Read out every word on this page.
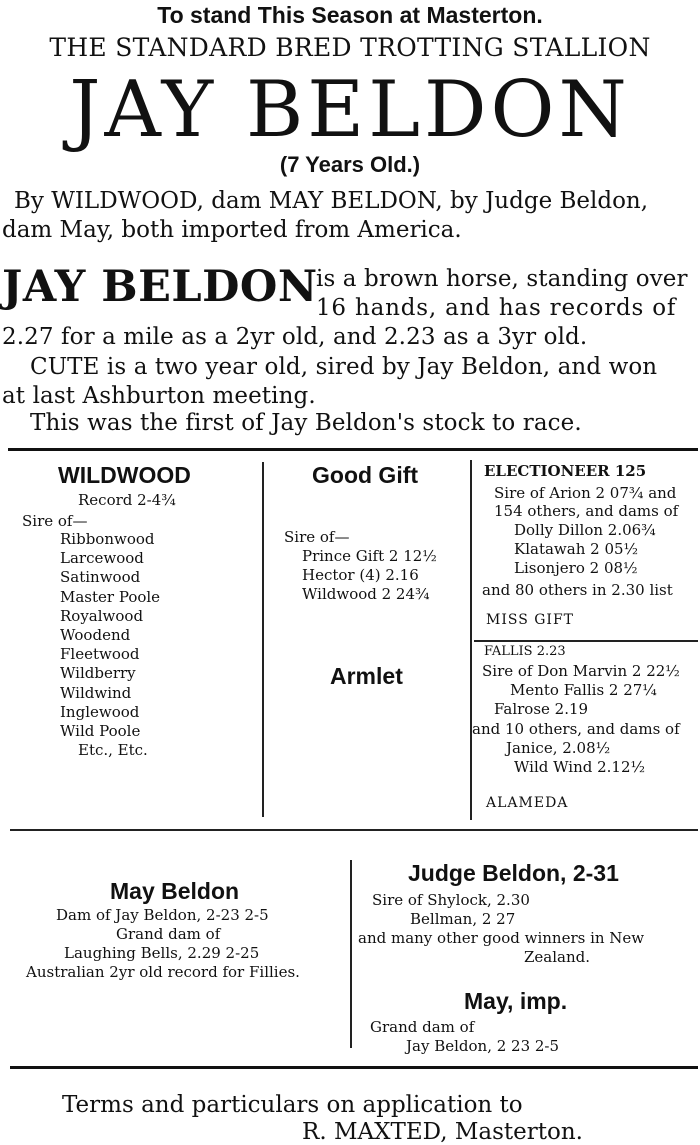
To stand This Season at Masterton.
THE STANDARD BRED TROTTING STALLION
JAY BELDON
(7 Years Old.)
By WILDWOOD, dam MAY BELDON, by Judge Beldon,
dam May, both imported from America.
JAY BELDON
is a brown horse, standing over
16 hands, and has records of
2.27 for a mile as a 2yr old, and 2.23 as a 3yr old.
CUTE is a two year old, sired by Jay Beldon, and won
at last Ashburton meeting.
This was the first of Jay Beldon's stock to race.
WILDWOOD
Record 2-4¾
Sire of—
Ribbonwood
Larcewood
Satinwood
Master Poole
Royalwood
Woodend
Fleetwood
Wildberry
Wildwind
Inglewood
Wild Poole
Etc., Etc.
Good Gift
Sire of—
Prince Gift 2 12½
Hector (4) 2.16
Wildwood 2 24¾
Armlet
ELECTIONEER 125
Sire of Arion 2 07¾ and
154 others, and dams of
Dolly Dillon 2.06¾
Klatawah 2 05½
Lisonjero 2 08½
and 80 others in 2.30 list
MISS GIFT
FALLIS 2.23
Sire of Don Marvin 2 22½
Mento Fallis 2 27¼
Falrose 2.19
and 10 others, and dams of
Janice, 2.08½
Wild Wind 2.12½
ALAMEDA
May Beldon
Dam of Jay Beldon, 2-23 2-5
Grand dam of
Laughing Bells, 2.29 2-25
Australian 2yr old record for Fillies.
Judge Beldon, 2-31
Sire of Shylock, 2.30
Bellman, 2 27
and many other good winners in New
Zealand.
May, imp.
Grand dam of
Jay Beldon, 2 23 2-5
Terms and particulars on application to
R. MAXTED, Masterton.
